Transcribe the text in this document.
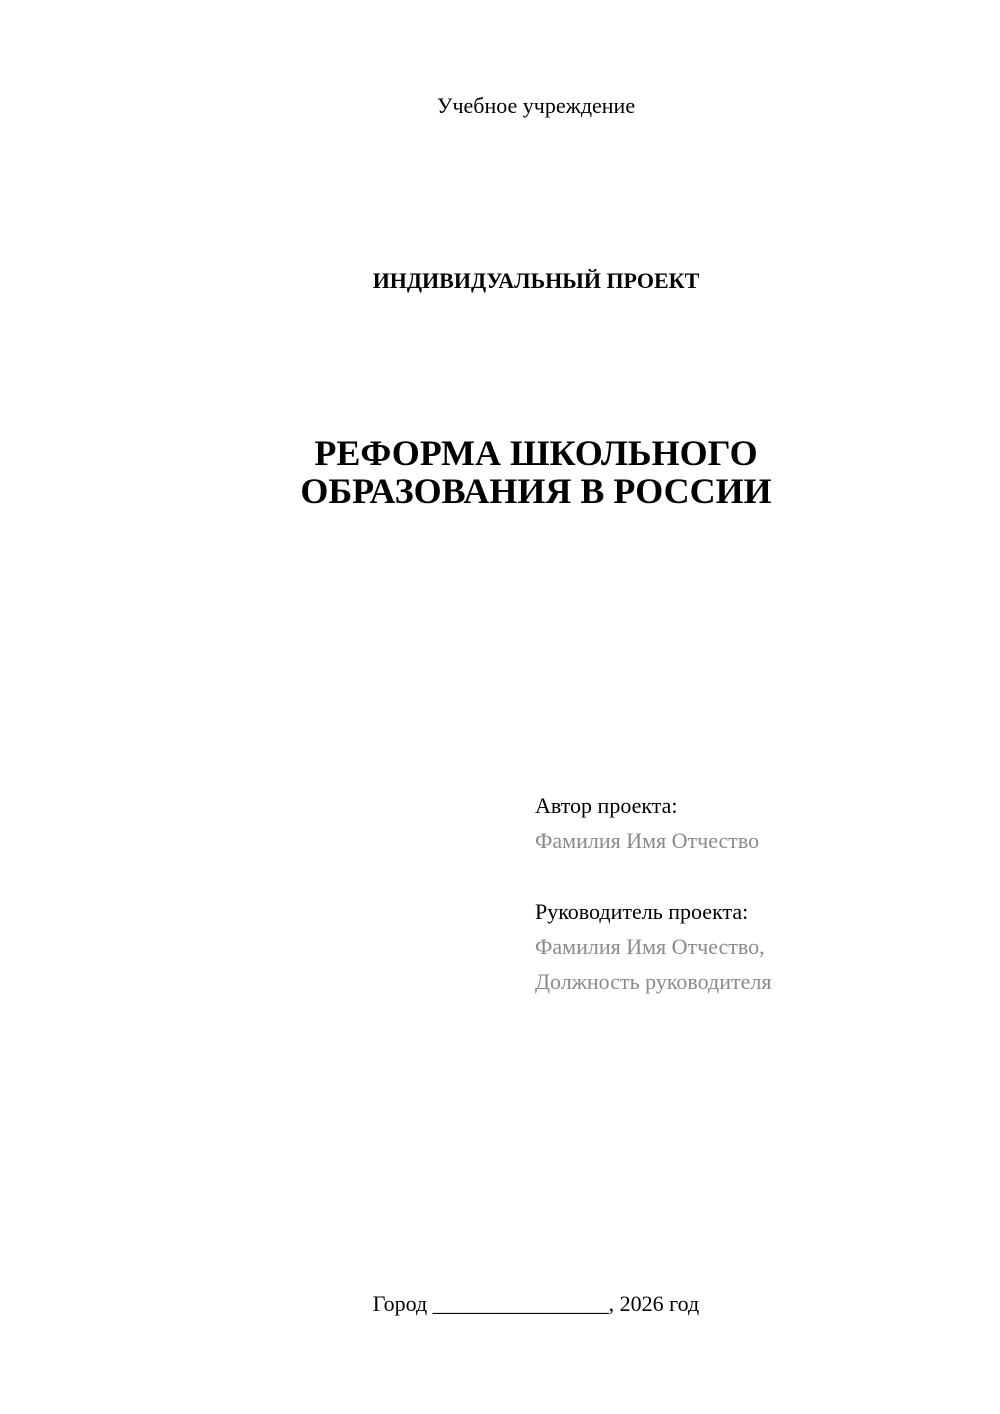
Учебное учреждение
ИНДИВИДУАЛЬНЫЙ ПРОЕКТ
РЕФОРМА ШКОЛЬНОГО
ОБРАЗОВАНИЯ В РОССИИ
Автор проекта:
Фамилия Имя Отчество
Руководитель проекта:
Фамилия Имя Отчество,
Должность руководителя
Город ________________, 2026 год
